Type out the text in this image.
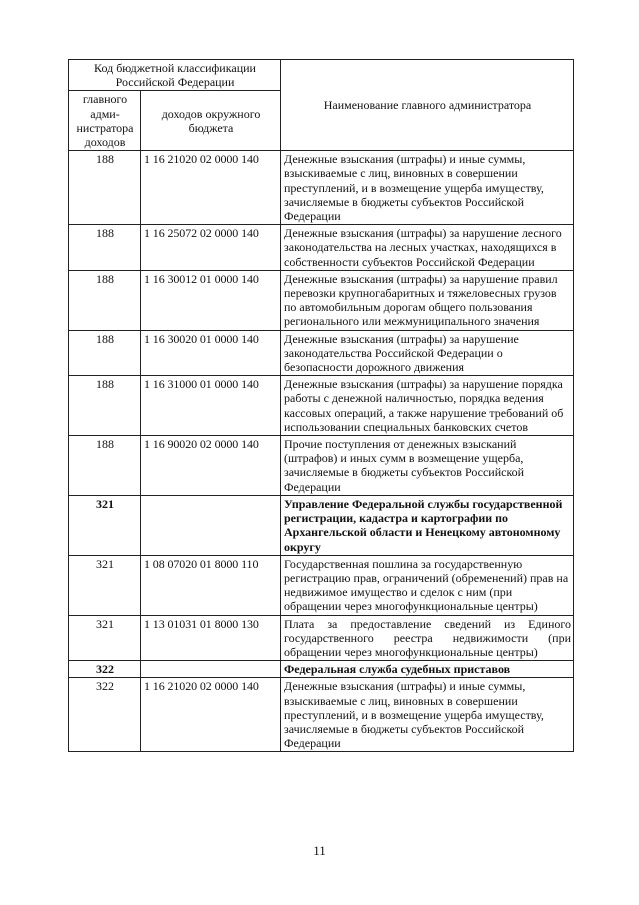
Код бюджетной классификации Российской Федерации		Наименование главного администратора
главного адми-нистратора доходов	доходов окружного бюджета	
188	1 16 21020 02 0000 140	Денежные взыскания (штрафы) и иные суммы, взыскиваемые с лиц, виновных в совершении преступлений, и в возмещение ущерба имуществу, зачисляемые в бюджеты субъектов Российской Федерации
188	1 16 25072 02 0000 140	Денежные взыскания (штрафы) за нарушение лесного законодательства на лесных участках, находящихся в собственности субъектов Российской Федерации
188	1 16 30012 01 0000 140	Денежные взыскания (штрафы) за нарушение правил перевозки крупногабаритных и тяжеловесных грузов по автомобильным дорогам общего пользования регионального или межмуниципального значения
188	1 16 30020 01 0000 140	Денежные взыскания (штрафы) за нарушение законодательства Российской Федерации о безопасности дорожного движения
188	1 16 31000 01 0000 140	Денежные взыскания (штрафы) за нарушение порядка работы с денежной наличностью, порядка ведения кассовых операций, а также нарушение требований об использовании специальных банковских счетов
188	1 16 90020 02 0000 140	Прочие поступления от денежных взысканий (штрафов) и иных сумм в возмещение ущерба, зачисляемые в бюджеты субъектов Российской Федерации
321		Управление Федеральной службы государственной регистрации, кадастра и картографии по Архангельской области и Ненецкому автономному округу
321	1 08 07020 01 8000 110	Государственная пошлина за государственную регистрацию прав, ограничений (обременений) прав на недвижимое имущество и сделок с ним (при обращении через многофункциональные центры)
321	1 13 01031 01 8000 130	Плата за предоставление сведений из Единого государственного реестра недвижимости (при обращении через многофункциональные центры)
322		Федеральная служба судебных приставов
322	1 16 21020 02 0000 140	Денежные взыскания (штрафы) и иные суммы, взыскиваемые с лиц, виновных в совершении преступлений, и в возмещение ущерба имуществу, зачисляемые в бюджеты субъектов Российской Федерации
11
